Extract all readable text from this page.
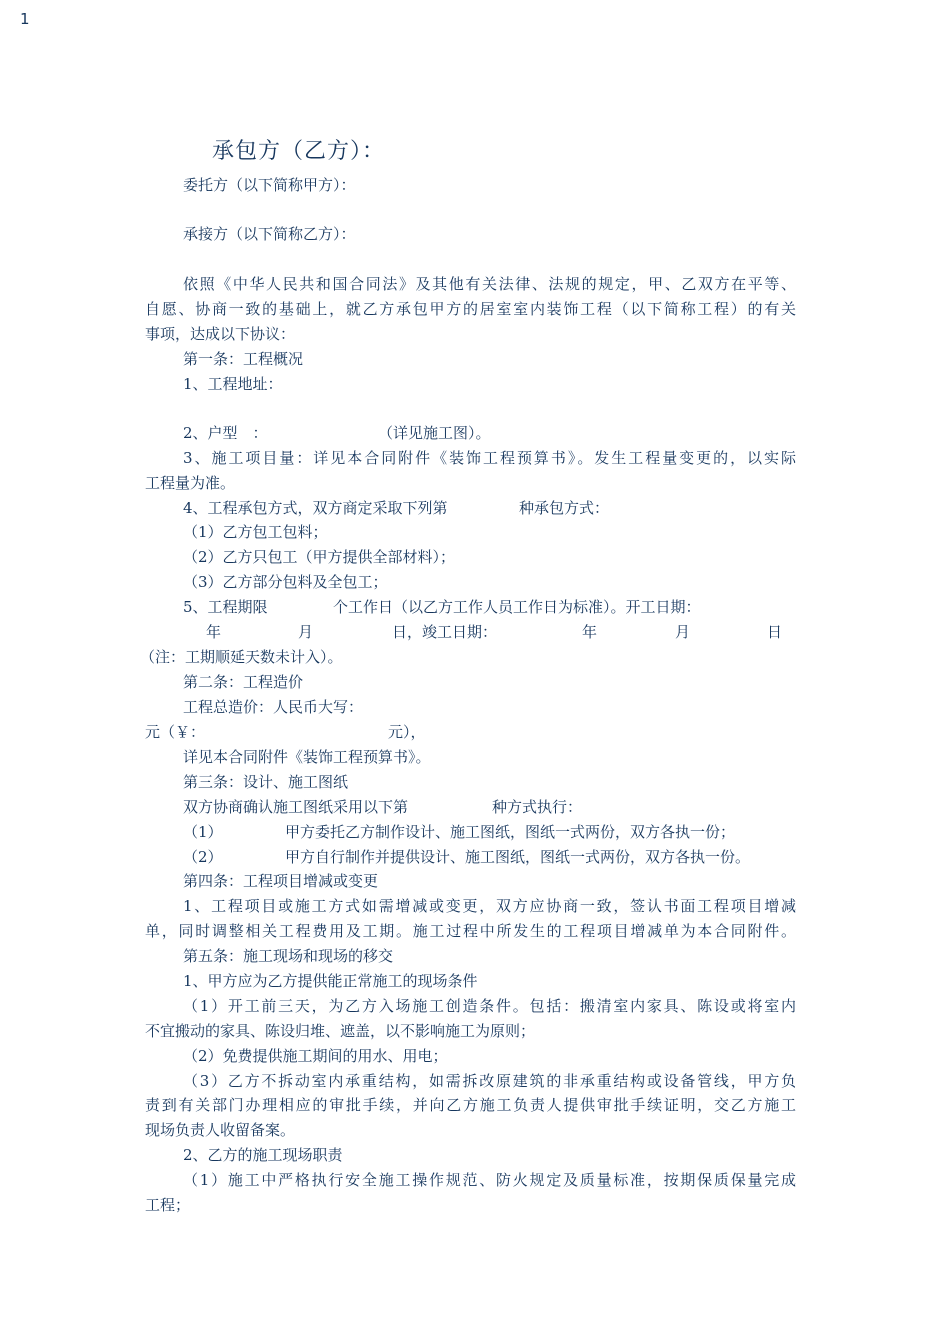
1
承包方（乙方）：
委托方（以下简称甲方）：
承接方（以下简称乙方）：
依照《中华人民共和国合同法》及其他有关法律、法规的规定，甲、乙双方在平等、
自愿、协商一致的基础上，就乙方承包甲方的居室室内装饰工程（以下简称工程）的有关
事项，达成以下协议：
第一条：工程概况
1、工程地址：
2、户型　：	（详见施工图）。
3、施工项目量：详见本合同附件《装饰工程预算书》。发生工程量变更的，以实际
工程量为准。
4、工程承包方式，双方商定采取下列第	种承包方式：
（1）乙方包工包料；
（2）乙方只包工（甲方提供全部材料）；
（3）乙方部分包料及全包工；
5、工程期限	个工作日（以乙方工作人员工作日为标准）。开工日期：
年	月	日，竣工日期：	年	月	日
（注：工期顺延天数未计入）。
第二条：工程造价
工程总造价：人民币大写：
元（￥：	元），
详见本合同附件《装饰工程预算书》。
第三条：设计、施工图纸
双方协商确认施工图纸采用以下第	种方式执行：
（1）	甲方委托乙方制作设计、施工图纸，图纸一式两份，双方各执一份；
（2）	甲方自行制作并提供设计、施工图纸，图纸一式两份，双方各执一份。
第四条：工程项目增减或变更
1、工程项目或施工方式如需增减或变更，双方应协商一致，签认书面工程项目增减
单，同时调整相关工程费用及工期。施工过程中所发生的工程项目增减单为本合同附件。
第五条：施工现场和现场的移交
1、甲方应为乙方提供能正常施工的现场条件
（1）开工前三天，为乙方入场施工创造条件。包括：搬清室内家具、陈设或将室内
不宜搬动的家具、陈设归堆、遮盖，以不影响施工为原则；
（2）免费提供施工期间的用水、用电；
（3）乙方不拆动室内承重结构，如需拆改原建筑的非承重结构或设备管线，甲方负
责到有关部门办理相应的审批手续，并向乙方施工负责人提供审批手续证明，交乙方施工
现场负责人收留备案。
2、乙方的施工现场职责
（1）施工中严格执行安全施工操作规范、防火规定及质量标准，按期保质保量完成
工程；
